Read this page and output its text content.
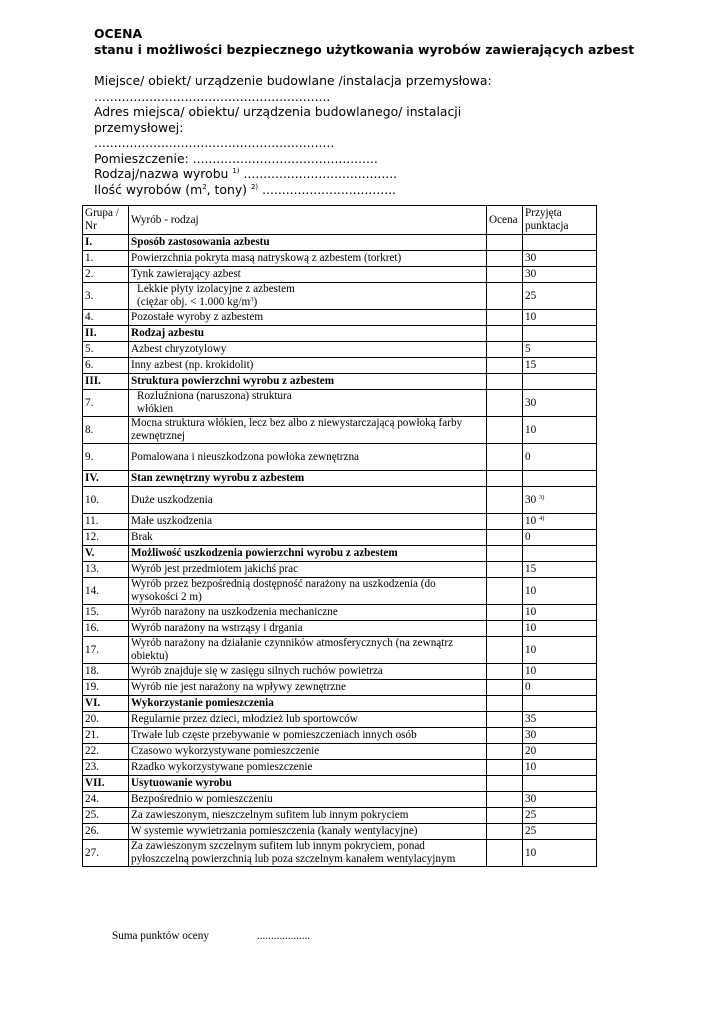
OCENA
stanu i możliwości bezpiecznego użytkowania wyrobów zawierających azbest
Miejsce/ obiekt/ urządzenie budowlane /instalacja przemysłowa:
............................................................
Adres miejsca/ obiektu/ urządzenia budowlanego/ instalacji
przemysłowej:
.............................................................
Pomieszczenie: ...............................................
Rodzaj/nazwa wyrobu $^{1)}$ .......................................
Ilość wyrobów ($m^2$, tony) $^{2)}$ ..................................
Grupa / Nr	Wyrób - rodzaj	Ocena	Przyjęta punktacja
I.	Sposób zastosowania azbestu		
1.	Powierzchnia pokryta masą natryskową z azbestem (torkret)		30
2.	Tynk zawierający azbest		30
3.	Lekkie płyty izolacyjne z azbestem
(ciężar obj. < 1.000 $kg/m^3$)		25
4.	Pozostałe wyroby z azbestem		10
II.	Rodzaj azbestu		
5.	Azbest chryzotylowy		5
6.	Inny azbest (np. krokidolit)		15
III.	Struktura powierzchni wyrobu z azbestem		
7.	Rozluźniona (naruszona) struktura
włókien		30
8.	Mocna struktura włókien, lecz bez albo z niewystarczającą powłoką farby zewnętrznej		10
9.	Pomalowana i nieuszkodzona powłoka zewnętrzna		0
IV.	Stan zewnętrzny wyrobu z azbestem		
10.	Duże uszkodzenia		30 $^{3)}$
11.	Małe uszkodzenia		10 $^{4)}$
12.	Brak		0
V.	Możliwość uszkodzenia powierzchni wyrobu z azbestem		
13.	Wyrób jest przedmiotem jakichś prac		15
14.	Wyrób przez bezpośrednią dostępność narażony na uszkodzenia (do wysokości 2 m)		10
15.	Wyrób narażony na uszkodzenia mechaniczne		10
16.	Wyrób narażony na wstrząsy i drgania		10
17.	Wyrób narażony na działanie czynników atmosferycznych (na zewnątrz obiektu)		10
18.	Wyrób znajduje się w zasięgu silnych ruchów powietrza		10
19.	Wyrób nie jest narażony na wpływy zewnętrzne		0
VI.	Wykorzystanie pomieszczenia		
20.	Regularnie przez dzieci, młodzież lub sportowców		35
21.	Trwałe lub częste przebywanie w pomieszczeniach innych osób		30
22.	Czasowo wykorzystywane pomieszczenie		20
23.	Rzadko wykorzystywane pomieszczenie		10
VII.	Usytuowanie wyrobu		
24.	Bezpośrednio w pomieszczeniu		30
25.	Za zawieszonym, nieszczelnym sufitem lub innym pokryciem		25
26.	W systemie wywietrzania pomieszczenia (kanały wentylacyjne)		25
27.	Za zawieszonym szczelnym sufitem lub innym pokryciem, ponad pyłoszczelną powierzchnią lub poza szczelnym kanałem wentylacyjnym		10
Suma punktów oceny	...................
